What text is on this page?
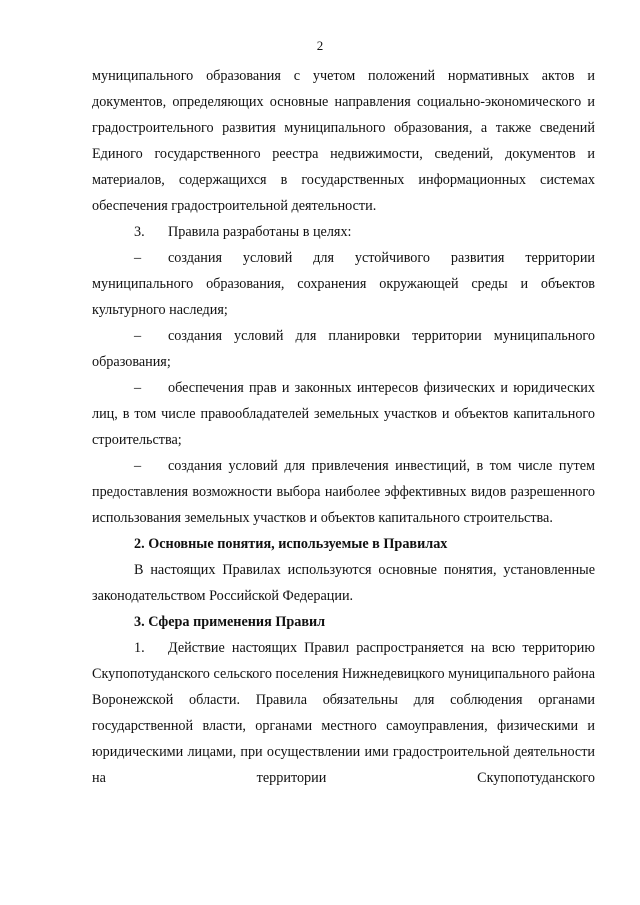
2

муниципального образования с учетом положений нормативных актов и документов, определяющих основные направления социально-экономического и градостроительного развития муниципального образования, а также сведений Единого государственного реестра недвижимости, сведений, документов и материалов, содержащихся в государственных информационных системах обеспечения градостроительной деятельности.

3. Правила разработаны в целях:

– создания условий для устойчивого развития территории муниципального образования, сохранения окружающей среды и объектов культурного наследия;

– создания условий для планировки территории муниципального образования;

– обеспечения прав и законных интересов физических и юридических лиц, в том числе правообладателей земельных участков и объектов капитального строительства;

– создания условий для привлечения инвестиций, в том числе путем предоставления возможности выбора наиболее эффективных видов разрешенного использования земельных участков и объектов капитального строительства.

2. Основные понятия, используемые в Правилах

В настоящих Правилах используются основные понятия, установленные законодательством Российской Федерации.

3. Сфера применения Правил

1. Действие настоящих Правил распространяется на всю территорию Скупопотуданского сельского поселения Нижнедевицкого муниципального района Воронежской области. Правила обязательны для соблюдения органами государственной власти, органами местного самоуправления, физическими и юридическими лицами, при осуществлении ими градостроительной деятельности на территории Скупопотуданского
